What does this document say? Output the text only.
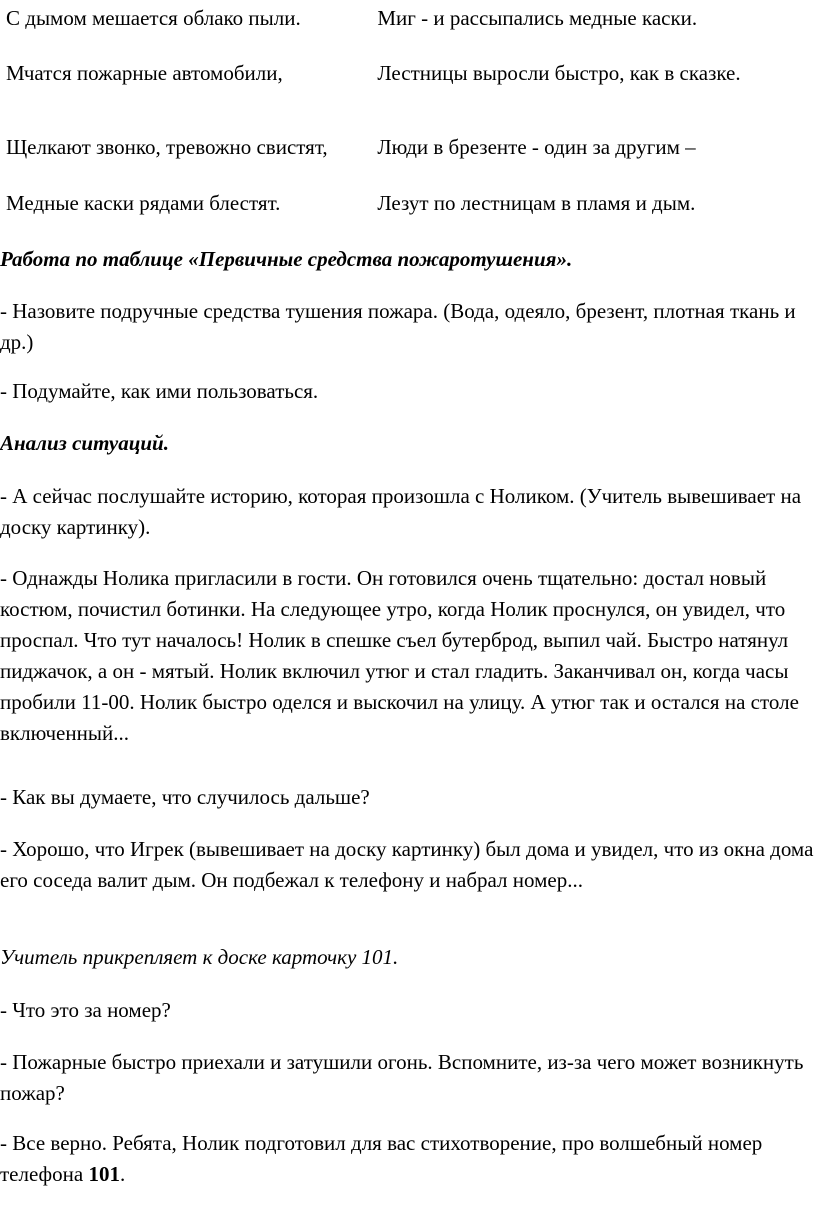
С дымом мешается облако пыли.	Миг - и рассыпались медные каски.
Мчатся пожарные автомобили,	Лестницы выросли быстро, как в сказке.
Щелкают звонко, тревожно свистят,	Люди в брезенте - один за другим –
Медные каски рядами блестят.	Лезут по лестницам в пламя и дым.

Работа по таблице «Первичные средства пожаротушения».

- Назовите подручные средства тушения пожара. (Вода, одеяло, брезент, плотная ткань и др.)

- Подумайте, как ими пользоваться.

Анализ ситуаций.

- А сейчас послушайте историю, которая произошла с Ноликом. (Учитель вывешивает на доску картинку).

- Однажды Нолика пригласили в гости. Он готовился очень тщательно: достал новый костюм, почистил ботинки. На следующее утро, когда Нолик проснулся, он увидел, что проспал. Что тут началось! Нолик в спешке съел бутерброд, выпил чай. Быстро натянул пиджачок, а он - мятый. Нолик включил утюг и стал гладить. Заканчивал он, когда часы пробили 11-00. Нолик быстро оделся и выскочил на улицу. А утюг так и остался на столе включенный...

- Как вы думаете, что случилось дальше?

- Хорошо, что Игрек (вывешивает на доску картинку) был дома и увидел, что из окна дома его соседа валит дым. Он подбежал к телефону и набрал номер...

Учитель прикрепляет к доске карточку 101.

- Что это за номер?

- Пожарные быстро приехали и затушили огонь. Вспомните, из-за чего может возникнуть пожар?

- Все верно. Ребята, Нолик подготовил для вас стихотворение, про волшебный номер телефона 101.
